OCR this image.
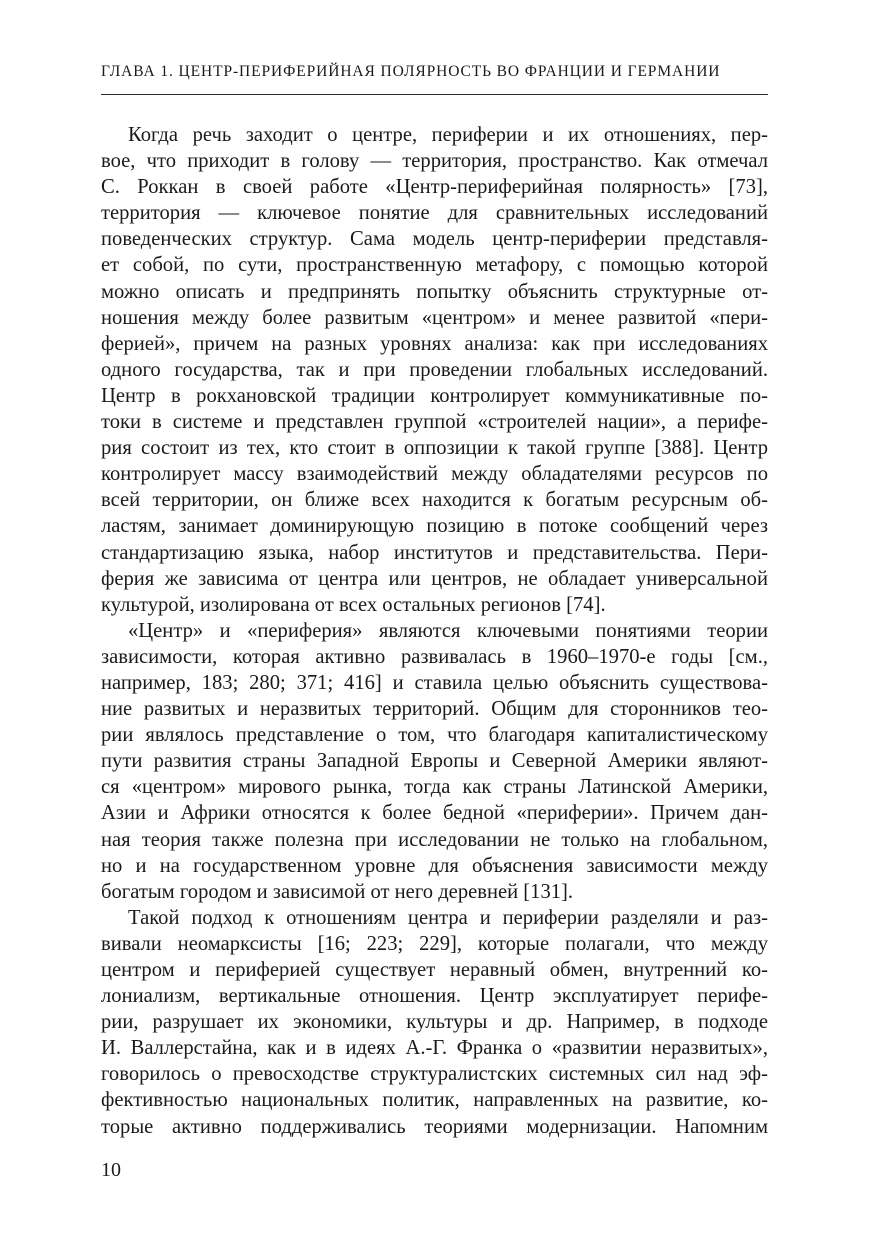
ГЛАВА 1. ЦЕНТР-ПЕРИФЕРИЙНАЯ ПОЛЯРНОСТЬ ВО ФРАНЦИИ И ГЕРМАНИИ

Когда речь заходит о центре, периферии и их отношениях, пер-
вое, что приходит в голову — территория, пространство. Как отмечал
С. Роккан в своей работе «Центр-периферийная полярность» [73],
территория — ключевое понятие для сравнительных исследований
поведенческих структур. Сама модель центр-периферии представля-
ет собой, по сути, пространственную метафору, с помощью которой
можно описать и предпринять попытку объяснить структурные от-
ношения между более развитым «центром» и менее развитой «пери-
ферией», причем на разных уровнях анализа: как при исследованиях
одного государства, так и при проведении глобальных исследований.
Центр в рокхановской традиции контролирует коммуникативные по-
токи в системе и представлен группой «строителей нации», а перифе-
рия состоит из тех, кто стоит в оппозиции к такой группе [388]. Центр
контролирует массу взаимодействий между обладателями ресурсов по
всей территории, он ближе всех находится к богатым ресурсным об-
ластям, занимает доминирующую позицию в потоке сообщений через
стандартизацию языка, набор институтов и представительства. Пери-
ферия же зависима от центра или центров, не обладает универсальной
культурой, изолирована от всех остальных регионов [74].

«Центр» и «периферия» являются ключевыми понятиями теории
зависимости, которая активно развивалась в 1960–1970-е годы [см.,
например, 183; 280; 371; 416] и ставила целью объяснить существова-
ние развитых и неразвитых территорий. Общим для сторонников тео-
рии являлось представление о том, что благодаря капиталистическому
пути развития страны Западной Европы и Северной Америки являют-
ся «центром» мирового рынка, тогда как страны Латинской Америки,
Азии и Африки относятся к более бедной «периферии». Причем дан-
ная теория также полезна при исследовании не только на глобальном,
но и на государственном уровне для объяснения зависимости между
богатым городом и зависимой от него деревней [131].

Такой подход к отношениям центра и периферии разделяли и раз-
вивали неомарксисты [16; 223; 229], которые полагали, что между
центром и периферией существует неравный обмен, внутренний ко-
лониализм, вертикальные отношения. Центр эксплуатирует перифе-
рии, разрушает их экономики, культуры и др. Например, в подходе
И. Валлерстайна, как и в идеях А.-Г. Франка о «развитии неразвитых»,
говорилось о превосходстве структуралистских системных сил над эф-
фективностью национальных политик, направленных на развитие, ко-
торые активно поддерживались теориями модернизации. Напомним

10
